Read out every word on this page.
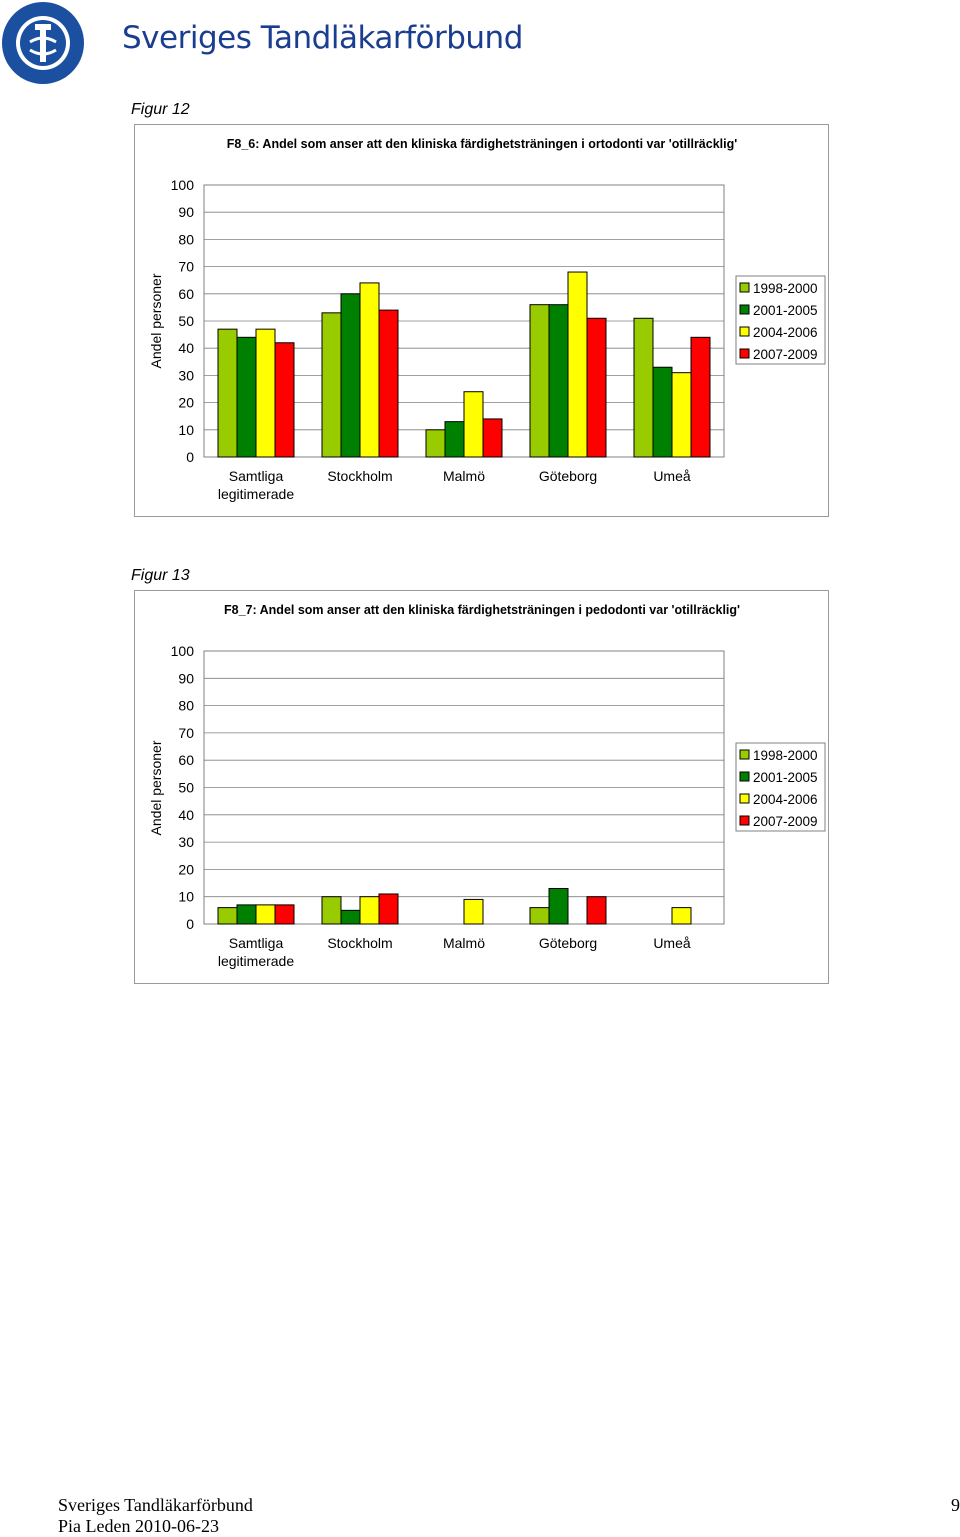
Sveriges Tandläkarförbund
Figur 12
Figur 13
F8_6: Andel som anser att den kliniska färdighetsträningen i ortodonti var 'otillräcklig'
Andel personer
0
10
20
30
40
50
60
70
80
90
100
Samtliga legitimerade
Stockholm	Malmö	Göteborg	Umeå
1998-2000
2001-2005
2004-2006
2007-2009
F8_7: Andel som anser att den kliniska färdighetsträningen i pedodonti var 'otillräcklig'
Andel personer
0
10
20
30
40
50
60
70
80
90
100
Samtliga legitimerade
Stockholm	Malmö	Göteborg	Umeå
1998-2000
2001-2005
2004-2006
2007-2009
Sveriges Tandläkarförbund
Pia Leden 2010-06-23
9
